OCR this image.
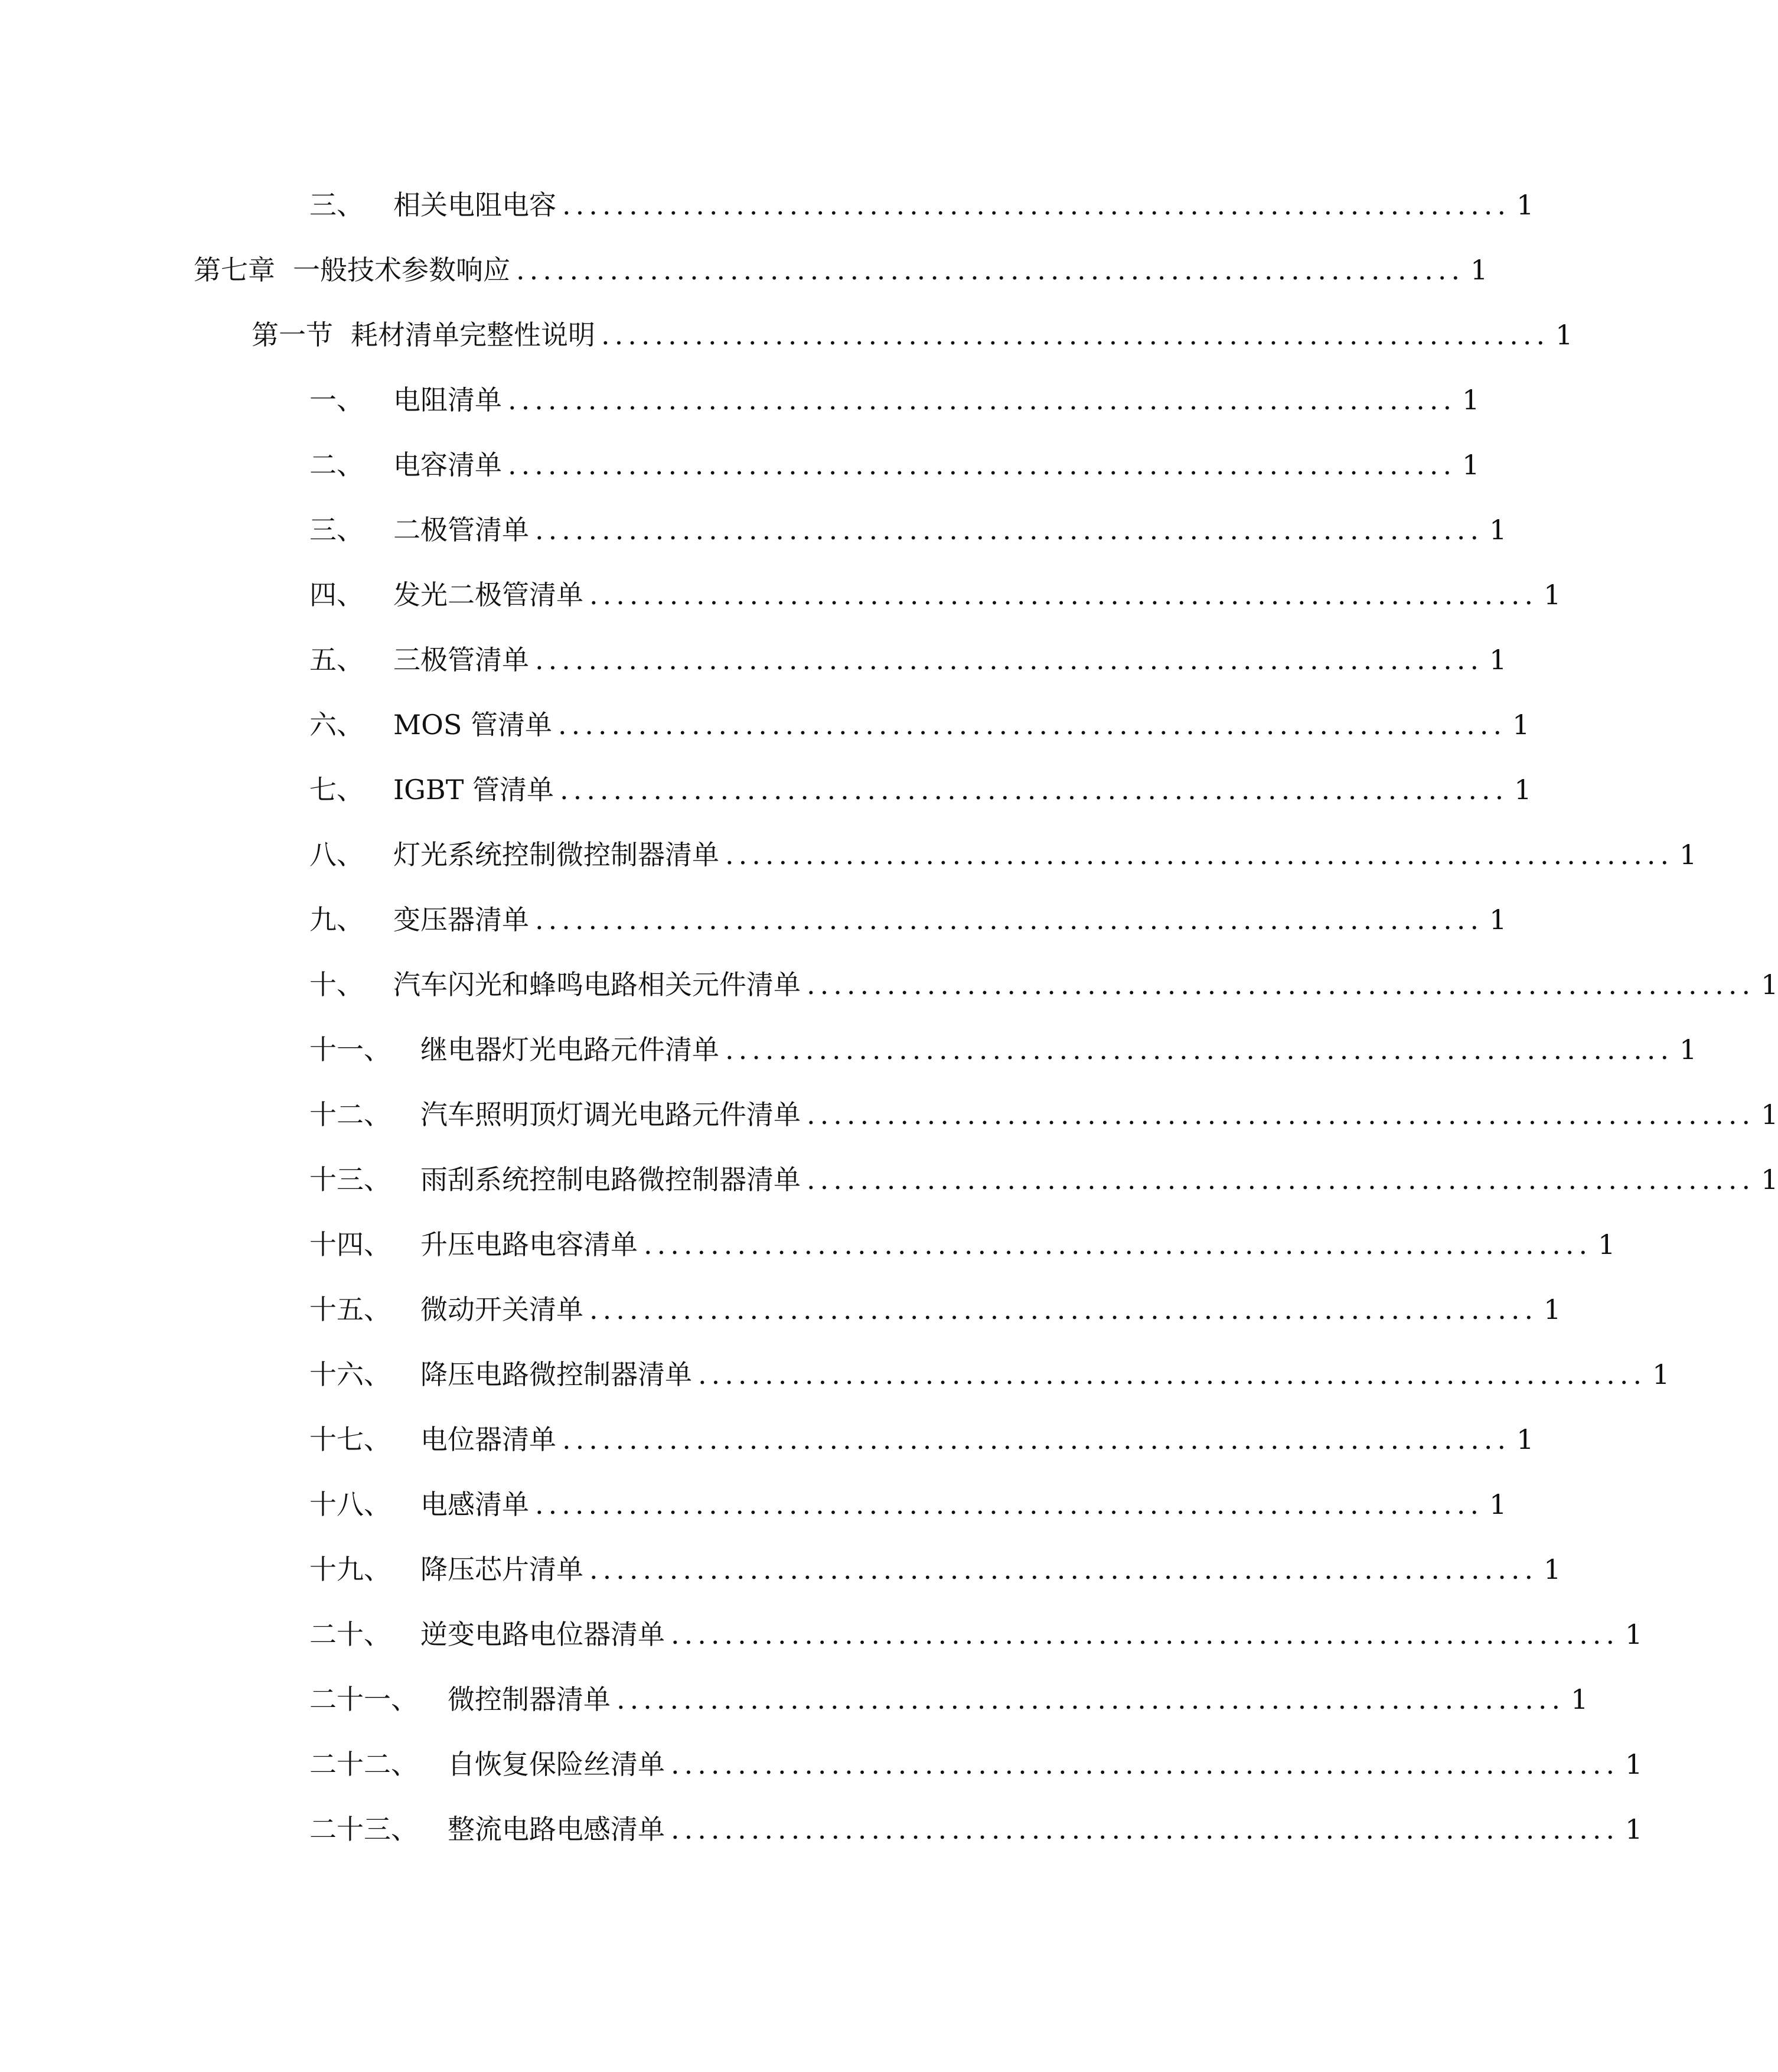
三、 相关电阻电容 ....................................................................... 1
第七章 一般技术参数响应 ....................................................................... 1
第一节 耗材清单完整性说明 ....................................................................... 1
一、 电阻清单 ....................................................................... 1
二、 电容清单 ....................................................................... 1
三、 二极管清单 ....................................................................... 1
四、 发光二极管清单 ....................................................................... 1
五、 三极管清单 ....................................................................... 1
六、 MOS 管清单 ....................................................................... 1
七、 IGBT 管清单 ....................................................................... 1
八、 灯光系统控制微控制器清单 ....................................................................... 1
九、 变压器清单 ....................................................................... 1
十、 汽车闪光和蜂鸣电路相关元件清单 ....................................................................... 1
十一、 继电器灯光电路元件清单 ....................................................................... 1
十二、 汽车照明顶灯调光电路元件清单 ....................................................................... 1
十三、 雨刮系统控制电路微控制器清单 ....................................................................... 1
十四、 升压电路电容清单 ....................................................................... 1
十五、 微动开关清单 ....................................................................... 1
十六、 降压电路微控制器清单 ....................................................................... 1
十七、 电位器清单 ....................................................................... 1
十八、 电感清单 ....................................................................... 1
十九、 降压芯片清单 ....................................................................... 1
二十、 逆变电路电位器清单 ....................................................................... 1
二十一、 微控制器清单 ....................................................................... 1
二十二、 自恢复保险丝清单 ....................................................................... 1
二十三、 整流电路电感清单 ....................................................................... 1
